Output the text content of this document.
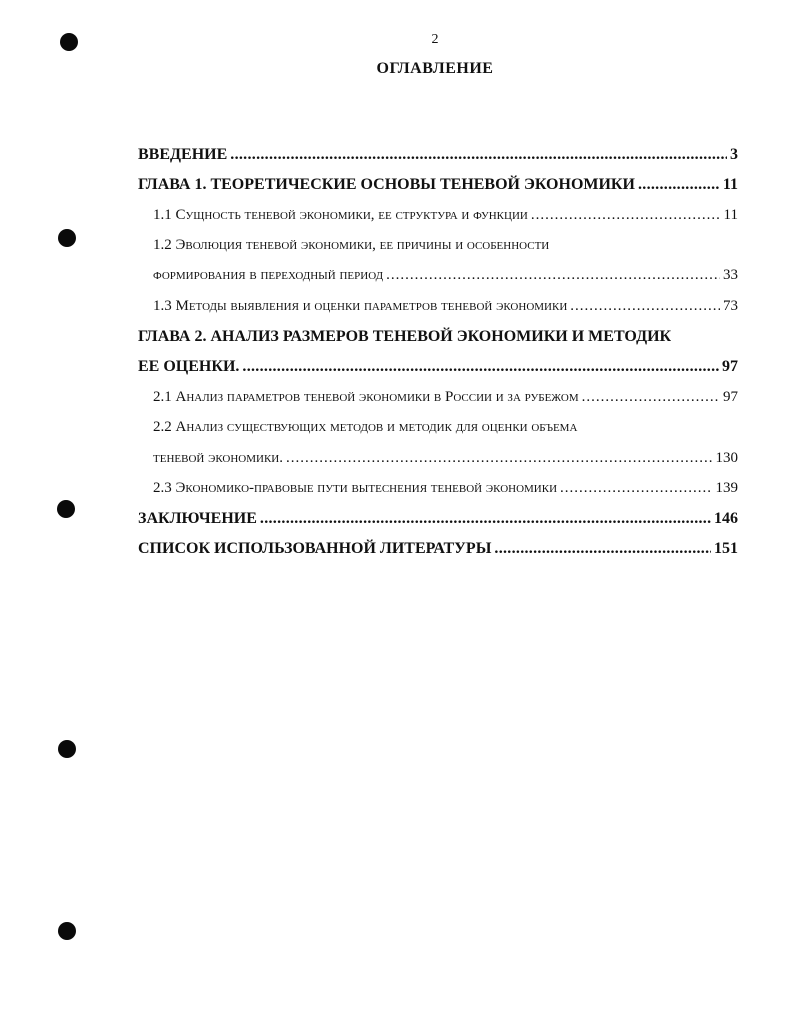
2
ОГЛАВЛЕНИЕ
ВВЕДЕНИЕ .....	3
ГЛАВА 1. ТЕОРЕТИЧЕСКИЕ ОСНОВЫ ТЕНЕВОЙ ЭКОНОМИКИ .....	11
1.1 Сущность теневой экономики, ее структура и функции .....	11
1.2 Эволюция теневой экономики, ее причины и особенности
формирования в переходный период .....	33
1.3 Методы выявления и оценки параметров теневой экономики .....	73
ГЛАВА 2. АНАЛИЗ РАЗМЕРОВ ТЕНЕВОЙ ЭКОНОМИКИ И МЕТОДИК
ЕЕ ОЦЕНКИ. .....	97
2.1 Анализ параметров теневой экономики в России и за рубежом .....	97
2.2 Анализ существующих методов и методик для оценки объема
теневой экономики. .....	130
2.3 Экономико-правовые пути вытеснения теневой экономики .....	139
ЗАКЛЮЧЕНИЕ .....	146
СПИСОК ИСПОЛЬЗОВАННОЙ ЛИТЕРАТУРЫ .....	151
